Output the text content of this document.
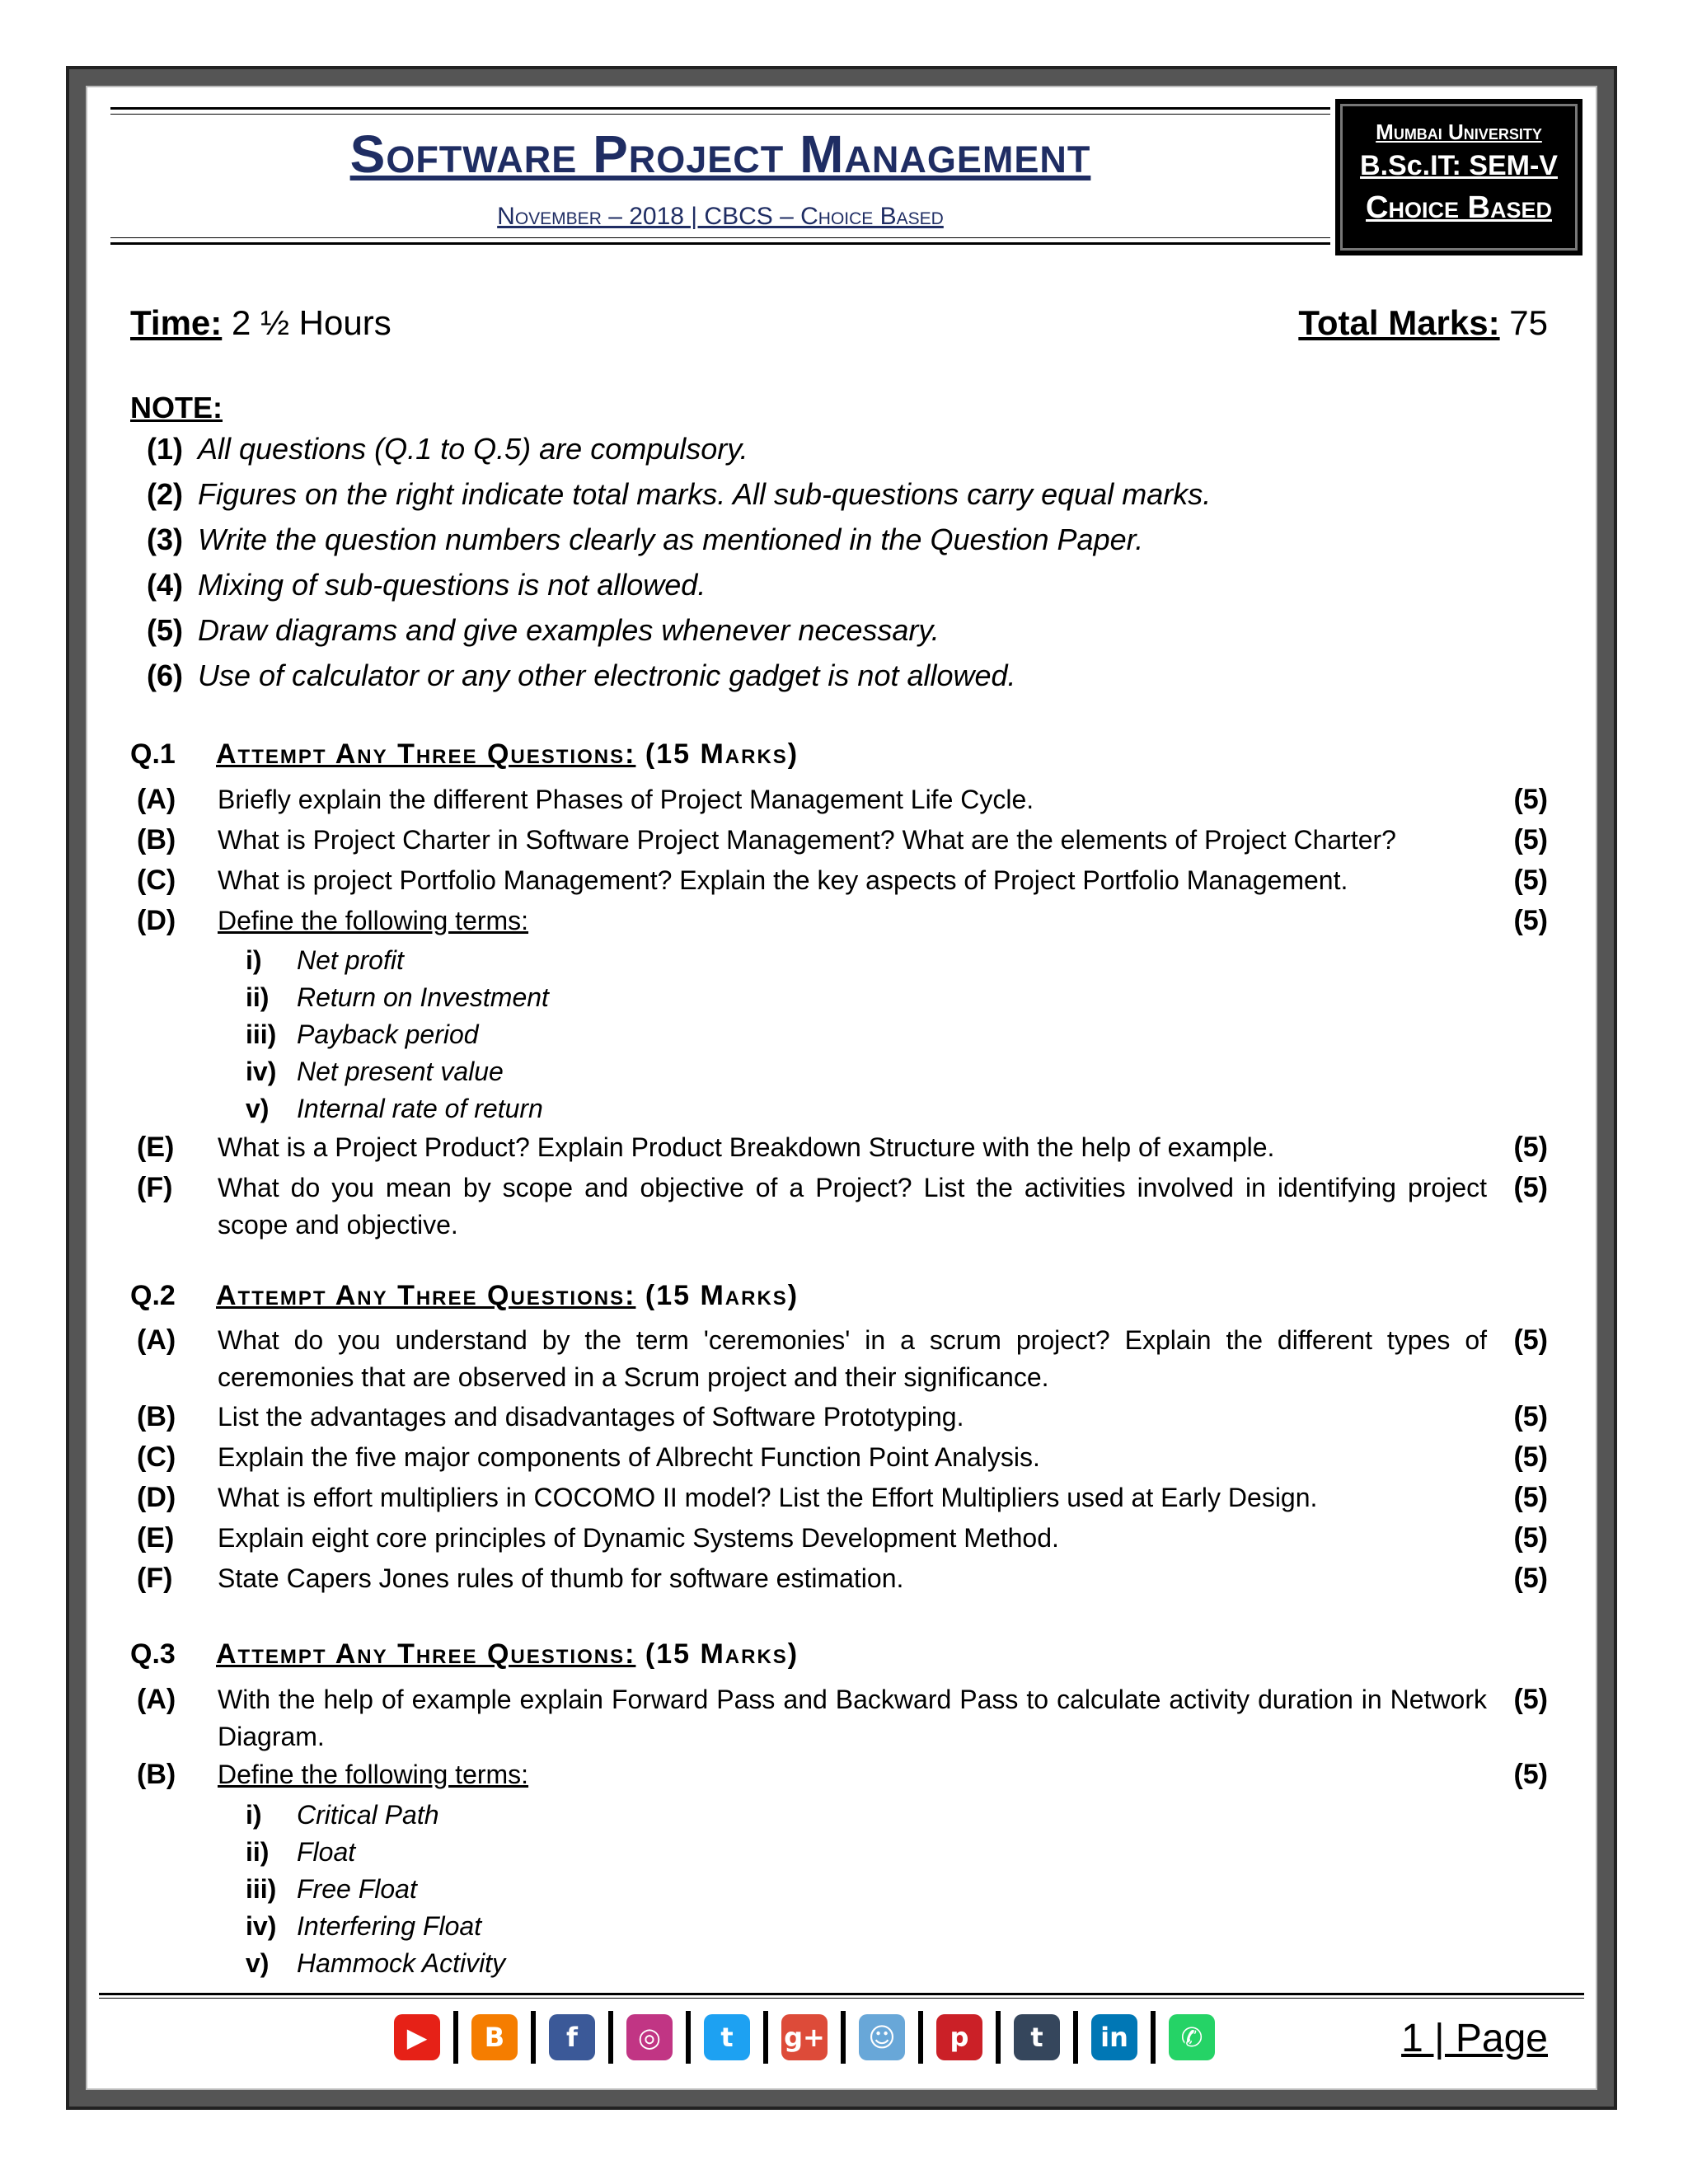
Software Project Management
November – 2018 | CBCS – Choice Based
Mumbai University
B.Sc.IT: SEM-V
Choice Based
Time: 2 ½ Hours	Total Marks: 75
NOTE:
(1) All questions (Q.1 to Q.5) are compulsory.
(2) Figures on the right indicate total marks. All sub-questions carry equal marks.
(3) Write the question numbers clearly as mentioned in the Question Paper.
(4) Mixing of sub-questions is not allowed.
(5) Draw diagrams and give examples whenever necessary.
(6) Use of calculator or any other electronic gadget is not allowed.
Q.1	Attempt Any Three Questions: (15 Marks)
(A)	Briefly explain the different Phases of Project Management Life Cycle.	(5)
(B)	What is Project Charter in Software Project Management? What are the elements of Project Charter?	(5)
(C)	What is project Portfolio Management? Explain the key aspects of Project Portfolio Management.	(5)
(D)	Define the following terms:	(5)
i)	Net profit
ii)	Return on Investment
iii) Payback period
iv) Net present value
v)	Internal rate of return
(E)	What is a Project Product? Explain Product Breakdown Structure with the help of example.	(5)
(F)	What do you mean by scope and objective of a Project? List the activities involved in identifying project scope and objective.
(5)
Q.2	Attempt Any Three Questions: (15 Marks)
(A)	What do you understand by the term 'ceremonies' in a scrum project? Explain the different types of ceremonies that are observed in a Scrum project and their significance.
(5)
(B)	List the advantages and disadvantages of Software Prototyping.	(5)
(C)	Explain the five major components of Albrecht Function Point Analysis.	(5)
(D)	What is effort multipliers in COCOMO II model? List the Effort Multipliers used at Early Design.	(5)
(E)	Explain eight core principles of Dynamic Systems Development Method.	(5)
(F)	State Capers Jones rules of thumb for software estimation.	(5)
Q.3	Attempt Any Three Questions: (15 Marks)
(A)	With the help of example explain Forward Pass and Backward Pass to calculate activity duration in Network Diagram.
(5)
(B)	Define the following terms:	(5)
i)	Critical Path
ii)	Float
iii) Free Float
iv) Interfering Float
v)	Hammock Activity
▶	B	f	◎	t	g+	☺	p	t	in	✆	1 | Page
